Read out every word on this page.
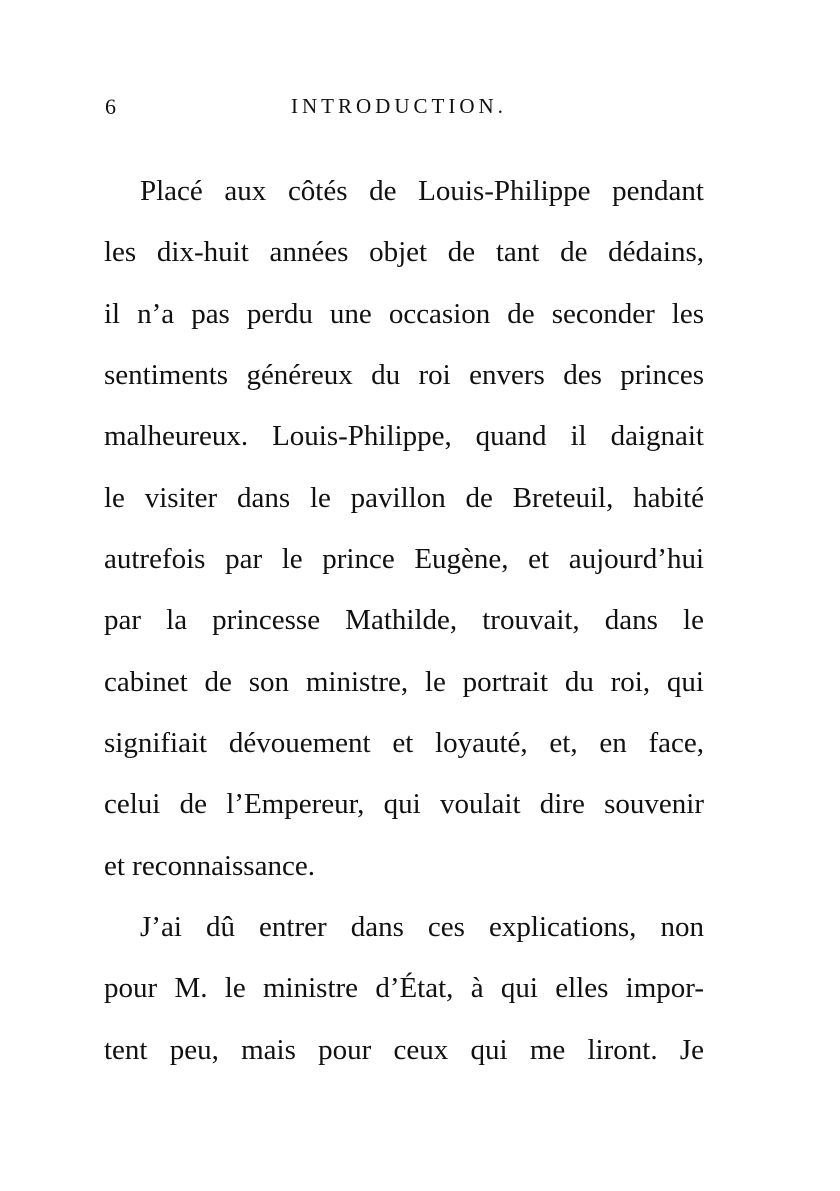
6	INTRODUCTION.
Placé aux côtés de Louis-Philippe pendant
les dix-huit années objet de tant de dédains,
il n’a pas perdu une occasion de seconder les
sentiments généreux du roi envers des princes
malheureux. Louis-Philippe, quand il daignait
le visiter dans le pavillon de Breteuil, habité
autrefois par le prince Eugène, et aujourd’hui
par la princesse Mathilde, trouvait, dans le
cabinet de son ministre, le portrait du roi, qui
signifiait dévouement et loyauté, et, en face,
celui de l’Empereur, qui voulait dire souvenir
et reconnaissance.
J’ai dû entrer dans ces explications, non
pour M. le ministre d’État, à qui elles impor-
tent peu, mais pour ceux qui me liront. Je
